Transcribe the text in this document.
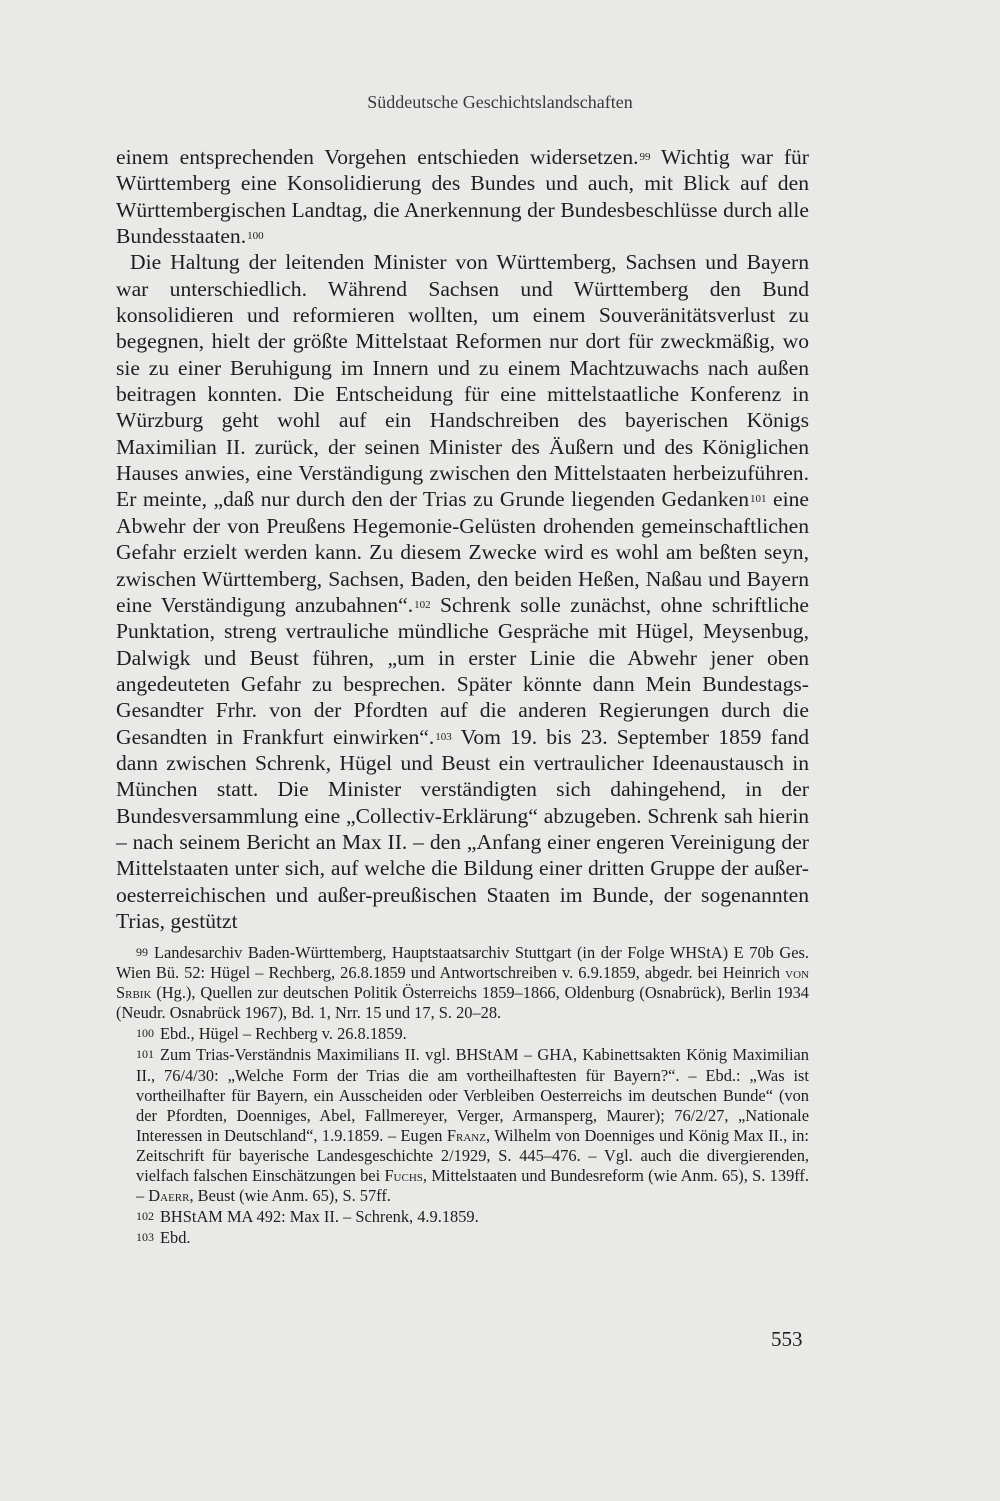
Süddeutsche Geschichtslandschaften

einem entsprechenden Vorgehen entschieden widersetzen.$^{99}$ Wichtig war für Württemberg eine Konsolidierung des Bundes und auch, mit Blick auf den Württembergischen Landtag, die Anerkennung der Bundesbeschlüsse durch alle Bundesstaaten.$^{100}$

Die Haltung der leitenden Minister von Württemberg, Sachsen und Bayern war unterschiedlich. Während Sachsen und Württemberg den Bund konsolidieren und reformieren wollten, um einem Souveränitätsverlust zu begegnen, hielt der größte Mittelstaat Reformen nur dort für zweckmäßig, wo sie zu einer Beruhigung im Innern und zu einem Machtzuwachs nach außen beitragen konnten. Die Entscheidung für eine mittelstaatliche Konferenz in Würzburg geht wohl auf ein Handschreiben des bayerischen Königs Maximilian II. zurück, der seinen Minister des Äußern und des Königlichen Hauses anwies, eine Verständigung zwischen den Mittelstaaten herbeizuführen. Er meinte, „daß nur durch den der Trias zu Grunde liegenden Gedanken$^{101}$ eine Abwehr der von Preußens Hegemonie-Gelüsten drohenden gemeinschaftlichen Gefahr erzielt werden kann. Zu diesem Zwecke wird es wohl am beßten seyn, zwischen Württemberg, Sachsen, Baden, den beiden Heßen, Naßau und Bayern eine Verständigung anzubahnen“.$^{102}$ Schrenk solle zunächst, ohne schriftliche Punktation, streng vertrauliche mündliche Gespräche mit Hügel, Meysenbug, Dalwigk und Beust führen, „um in erster Linie die Abwehr jener oben angedeuteten Gefahr zu besprechen. Später könnte dann Mein Bundestags-Gesandter Frhr. von der Pfordten auf die anderen Regierungen durch die Gesandten in Frankfurt einwirken“.$^{103}$ Vom 19. bis 23. September 1859 fand dann zwischen Schrenk, Hügel und Beust ein vertraulicher Ideenaustausch in München statt. Die Minister verständigten sich dahingehend, in der Bundesversammlung eine „Collectiv-Erklärung“ abzugeben. Schrenk sah hierin – nach seinem Bericht an Max II. – den „Anfang einer engeren Vereinigung der Mittelstaaten unter sich, auf welche die Bildung einer dritten Gruppe der außer-oesterreichischen und außer-preußischen Staaten im Bunde, der sogenannten Trias, gestützt

99 Landesarchiv Baden-Württemberg, Hauptstaatsarchiv Stuttgart (in der Folge WHStA) E 70b Ges. Wien Bü. 52: Hügel – Rechberg, 26.8.1859 und Antwortschreiben v. 6.9.1859, abgedr. bei Heinrich von Srbik (Hg.), Quellen zur deutschen Politik Österreichs 1859–1866, Oldenburg (Osnabrück), Berlin 1934 (Neudr. Osnabrück 1967), Bd. 1, Nrr. 15 und 17, S. 20–28.

100 Ebd., Hügel – Rechberg v. 26.8.1859.

101 Zum Trias-Verständnis Maximilians II. vgl. BHStAM – GHA, Kabinettsakten König Maximilian II., 76/4/30: „Welche Form der Trias die am vortheilhaftesten für Bayern?“. – Ebd.: „Was ist vortheilhafter für Bayern, ein Ausscheiden oder Verbleiben Oesterreichs im deutschen Bunde“ (von der Pfordten, Doenniges, Abel, Fallmereyer, Verger, Armansperg, Maurer); 76/2/27, „Nationale Interessen in Deutschland“, 1.9.1859. – Eugen Franz, Wilhelm von Doenniges und König Max II., in: Zeitschrift für bayerische Landesgeschichte 2/1929, S. 445–476. – Vgl. auch die divergierenden, vielfach falschen Einschätzungen bei Fuchs, Mittelstaaten und Bundesreform (wie Anm. 65), S. 139ff. – Daerr, Beust (wie Anm. 65), S. 57ff.

102 BHStAM MA 492: Max II. – Schrenk, 4.9.1859.

103 Ebd.

553
